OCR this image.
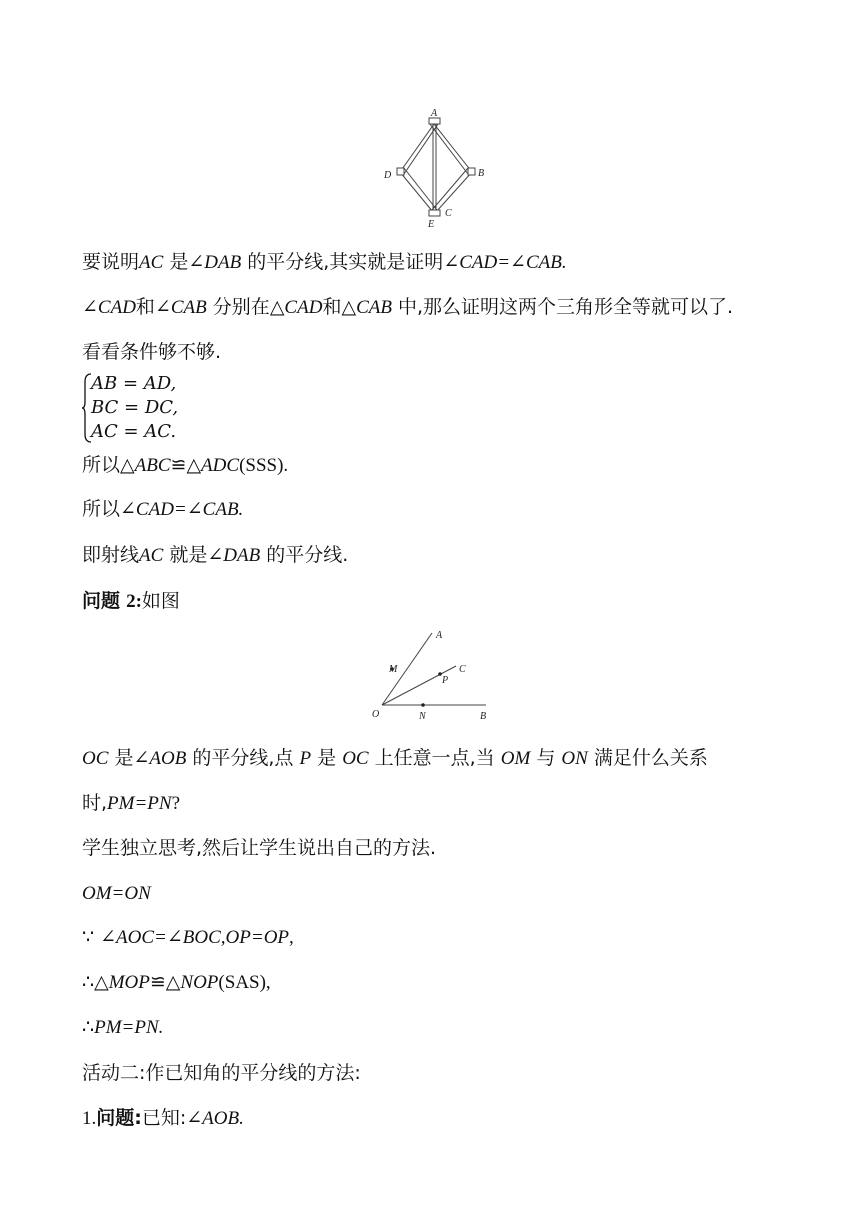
A
B
C
D
E
要说明AC 是∠DAB 的平分线,其实就是证明∠CAD=∠CAB.
∠CAD和∠CAB 分别在△CAD和△CAB 中,那么证明这两个三角形全等就可以了.
看看条件够不够.
AB = AD,
BC = DC,
AC = AC.
所以△ABC≌△ADC(SSS).
所以∠CAD=∠CAB.
即射线AC 就是∠DAB 的平分线.
问题 2:如图
A
M	C
P
O	N	B
OC 是∠AOB 的平分线,点 P 是 OC 上任意一点,当 OM 与 ON 满足什么关系
时,PM=PN?
学生独立思考,然后让学生说出自己的方法.
OM=ON
∵ ∠AOC=∠BOC,OP=OP,
∴△MOP≌△NOP(SAS),
∴PM=PN.
活动二:作已知角的平分线的方法:
1.问题:已知:∠AOB.
